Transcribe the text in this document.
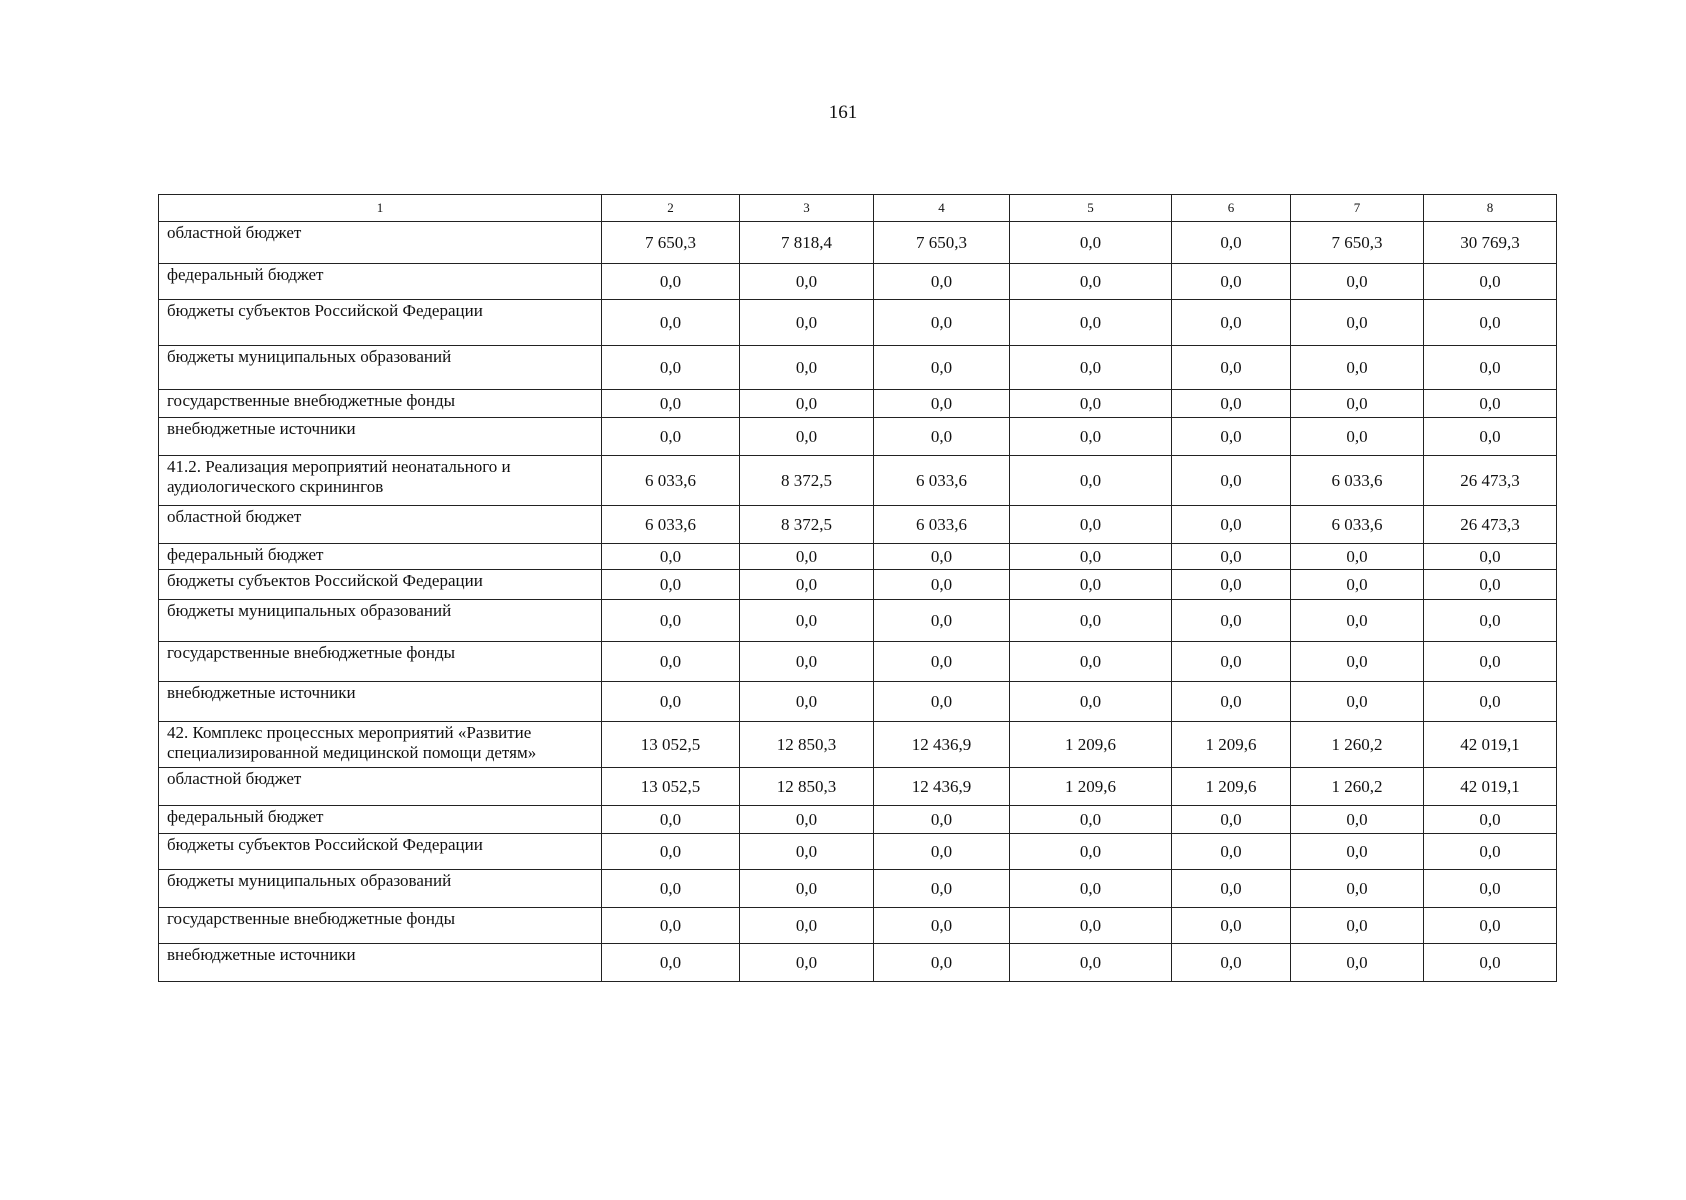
161
1	2	3	4	5	6	7	8
областной бюджет	7 650,3	7 818,4	7 650,3	0,0	0,0	7 650,3	30 769,3
федеральный бюджет	0,0	0,0	0,0	0,0	0,0	0,0	0,0
бюджеты субъектов Российской Федерации	0,0	0,0	0,0	0,0	0,0	0,0	0,0
бюджеты муниципальных образований	0,0	0,0	0,0	0,0	0,0	0,0	0,0
государственные внебюджетные фонды	0,0	0,0	0,0	0,0	0,0	0,0	0,0
внебюджетные источники	0,0	0,0	0,0	0,0	0,0	0,0	0,0
41.2. Реализация мероприятий неонатального и аудиологического скринингов	6 033,6	8 372,5	6 033,6	0,0	0,0	6 033,6	26 473,3
областной бюджет	6 033,6	8 372,5	6 033,6	0,0	0,0	6 033,6	26 473,3
федеральный бюджет	0,0	0,0	0,0	0,0	0,0	0,0	0,0
бюджеты субъектов Российской Федерации	0,0	0,0	0,0	0,0	0,0	0,0	0,0
бюджеты муниципальных образований	0,0	0,0	0,0	0,0	0,0	0,0	0,0
государственные внебюджетные фонды	0,0	0,0	0,0	0,0	0,0	0,0	0,0
внебюджетные источники	0,0	0,0	0,0	0,0	0,0	0,0	0,0
42. Комплекс процессных мероприятий «Развитие специализированной медицинской помощи детям»	13 052,5	12 850,3	12 436,9	1 209,6	1 209,6	1 260,2	42 019,1
областной бюджет	13 052,5	12 850,3	12 436,9	1 209,6	1 209,6	1 260,2	42 019,1
федеральный бюджет	0,0	0,0	0,0	0,0	0,0	0,0	0,0
бюджеты субъектов Российской Федерации	0,0	0,0	0,0	0,0	0,0	0,0	0,0
бюджеты муниципальных образований	0,0	0,0	0,0	0,0	0,0	0,0	0,0
государственные внебюджетные фонды	0,0	0,0	0,0	0,0	0,0	0,0	0,0
внебюджетные источники	0,0	0,0	0,0	0,0	0,0	0,0	0,0
